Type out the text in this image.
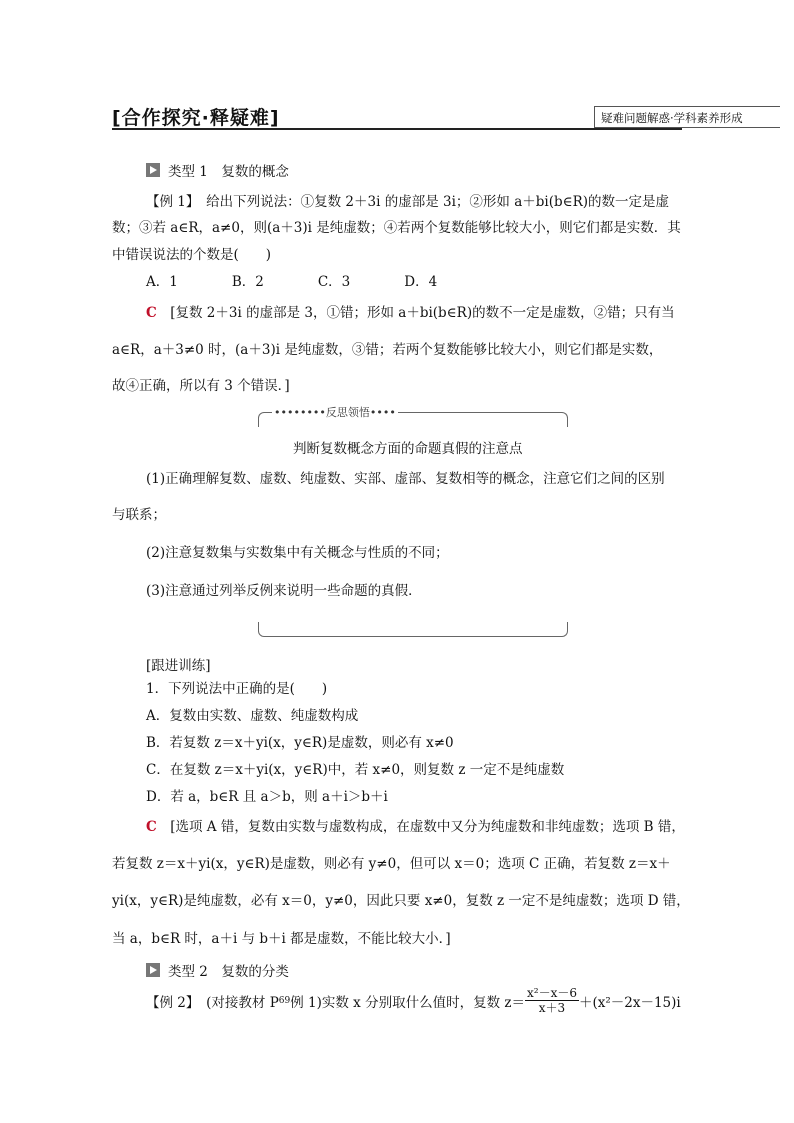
[合作探究·释疑难]	疑难问题解惑·学科素养形成
类型 1　复数的概念
【例 1】　给出下列说法：①复数 2＋3i 的虚部是 3i；②形如 a＋bi(b∈R)的数一定是虚
数；③若 a∈R，a≠0，则(a＋3)i 是纯虚数；④若两个复数能够比较大小，则它们都是实数．其
中错误说法的个数是(　　)
A．1　　　　B．2　　　　C．3　　　　D．4
C　[复数 2＋3i 的虚部是 3，①错；形如 a＋bi(b∈R)的数不一定是虚数，②错；只有当
a∈R，a＋3≠0 时，(a＋3)i 是纯虚数，③错；若两个复数能够比较大小，则它们都是实数，
故④正确，所以有 3 个错误．]
••••••••反思领悟••••
判断复数概念方面的命题真假的注意点
(1)正确理解复数、虚数、纯虚数、实部、虚部、复数相等的概念，注意它们之间的区别
与联系；
(2)注意复数集与实数集中有关概念与性质的不同；
(3)注意通过列举反例来说明一些命题的真假．
[跟进训练]
1．下列说法中正确的是(　　)
A．复数由实数、虚数、纯虚数构成
B．若复数 z＝x＋yi(x，y∈R)是虚数，则必有 x≠0
C．在复数 z＝x＋yi(x，y∈R)中，若 x≠0，则复数 z 一定不是纯虚数
D．若 a，b∈R 且 a＞b，则 a＋i＞b＋i
C　[选项 A 错，复数由实数与虚数构成，在虚数中又分为纯虚数和非纯虚数；选项 B 错，
若复数 z＝x＋yi(x，y∈R)是虚数，则必有 y≠0，但可以 x＝0；选项 C 正确，若复数 z＝x＋
yi(x，y∈R)是纯虚数，必有 x＝0，y≠0，因此只要 x≠0，复数 z 一定不是纯虚数；选项 D 错，
当 a，b∈R 时，a＋i 与 b＋i 都是虚数，不能比较大小．]
类型 2　复数的分类
【例 2】　(对接教材 P 69 例 1)实数 x 分别取什么值时，复数 $z= \frac{\text{x²－x－6}}{x+3} +(x^2-2x-15)i$
